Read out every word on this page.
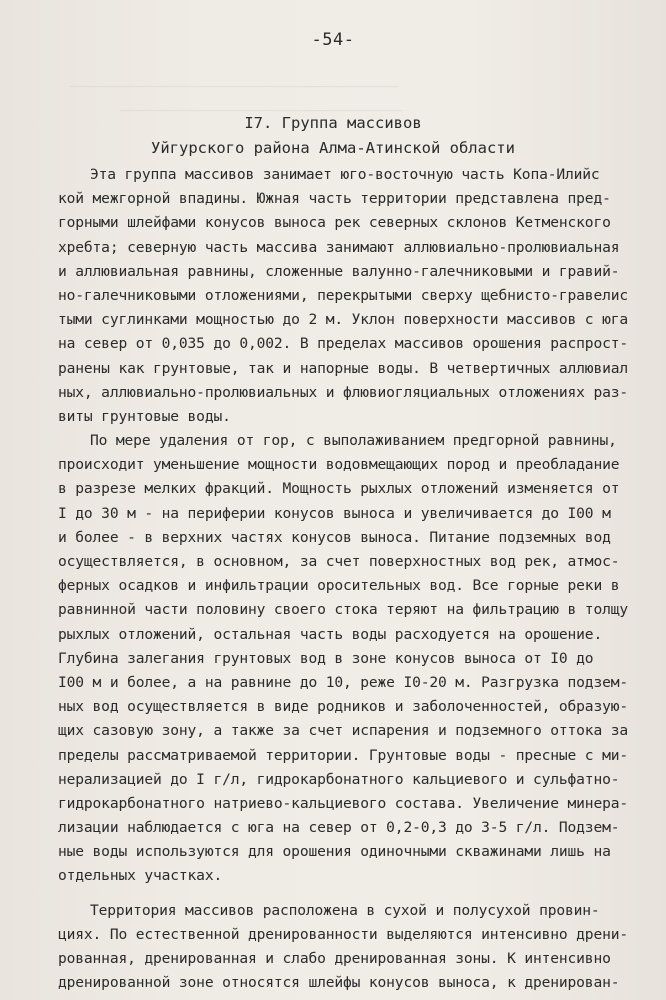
──────────────────────────────────────────
────────────────────────────────────
-54-
I7. Группа массивов
Уйгурского района Алма-Атинской области
Эта группа массивов занимает юго-восточную часть Копа-Илийс
кой межгорной впадины. Южная часть территории представлена пред-
горными шлейфами конусов выноса рек северных склонов Кетменского
хребта; северную часть массива занимают аллювиально-пролювиальная
и аллювиальная равнины, сложенные валунно-галечниковыми и гравий-
но-галечниковыми отложениями, перекрытыми сверху щебнисто-гравелис
тыми суглинками мощностью до 2 м. Уклон поверхности массивов с юга
на север от 0,035 до 0,002. В пределах массивов орошения распрост-
ранены как грунтовые, так и напорные воды. В четвертичных аллювиал
ных, аллювиально-пролювиальных и флювиогляциальных отложениях раз-
виты грунтовые воды.
По мере удаления от гор, с выполаживанием предгорной равнины,
происходит уменьшение мощности водовмещающих пород и преобладание
в разрезе мелких фракций. Мощность рыхлых отложений изменяется от
I до 30 м - на периферии конусов выноса и увеличивается до I00 м
и более - в верхних частях конусов выноса. Питание подземных вод
осуществляется, в основном, за счет поверхностных вод рек, атмос-
ферных осадков и инфильтрации оросительных вод. Все горные реки в
равнинной части половину своего стока теряют на фильтрацию в толщу
рыхлых отложений, остальная часть воды расходуется на орошение.
Глубина залегания грунтовых вод в зоне конусов выноса от I0 до
I00 м и более, а на равнине до 10, реже I0-20 м. Разгрузка подзем-
ных вод осуществляется в виде родников и заболоченностей, образую-
щих сазовую зону, а также за счет испарения и подземного оттока за
пределы рассматриваемой территории. Грунтовые воды - пресные с ми-
нерализацией до I г/л, гидрокарбонатного кальциевого и сульфатно-
гидрокарбонатного натриево-кальциевого состава. Увеличение минера-
лизации наблюдается с юга на север от 0,2-0,3 до 3-5 г/л. Подзем-
ные воды используются для орошения одиночными скважинами лишь на
отдельных участках.
Территория массивов расположена в сухой и полусухой провин-
циях. По естественной дренированности выделяются интенсивно дрени-
рованная, дренированная и слабо дренированная зоны. К интенсивно
дренированной зоне относятся шлейфы конусов выноса, к дренирован-
